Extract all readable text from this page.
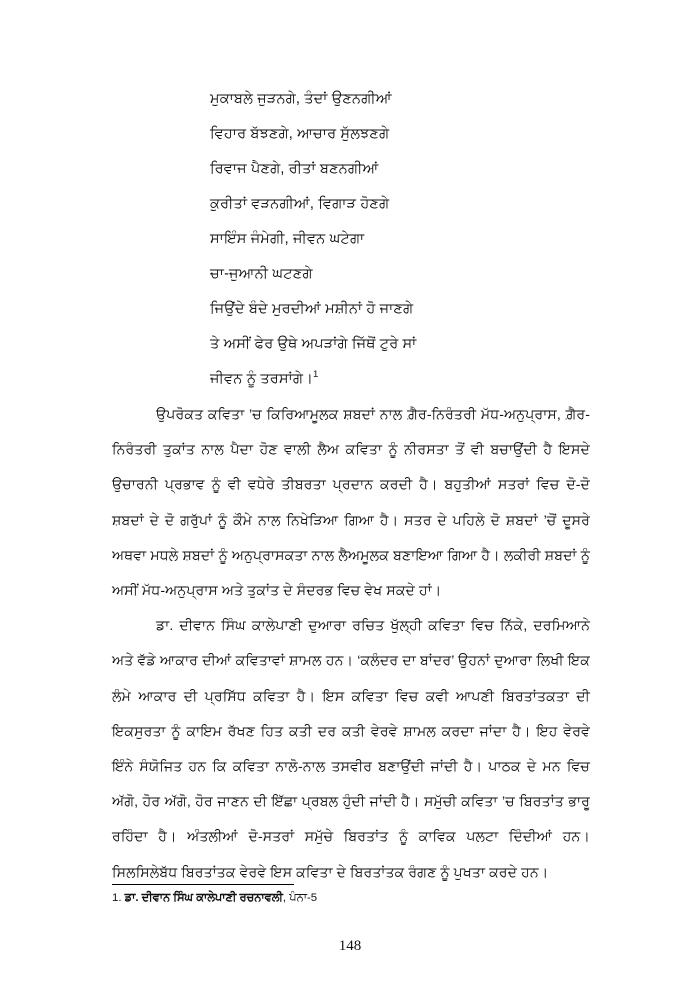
ਮੁਕਾਬਲੇ ਜੁੜਨਗੇ, ਤੰਦਾਂ ਉਣਨਗੀਆਂ
ਵਿਹਾਰ ਬੱਝਣਗੇ, ਆਚਾਰ ਸੁੱਲਝਣਗੇ
ਰਿਵਾਜ ਪੈਣਗੇ, ਰੀਤਾਂ ਬਣਨਗੀਆਂ
ਕੁਰੀਤਾਂ ਵੜਨਗੀਆਂ, ਵਿਗਾੜ ਹੋਣਗੇ
ਸਾਇੰਸ ਜੰਮੇਗੀ, ਜੀਵਨ ਘਟੇਗਾ
ਚਾ-ਜੁਆਨੀ ਘਟਣਗੇ
ਜਿਉਂਦੇ ਬੰਦੇ ਮੁਰਦੀਆਂ ਮਸ਼ੀਨਾਂ ਹੋ ਜਾਣਗੇ
ਤੇ ਅਸੀਂ ਫੇਰ ਉਥੇ ਅਪੜਾਂਗੇ ਜਿੱਥੋਂ ਟੁਰੇ ਸਾਂ
ਜੀਵਨ ਨੂੰ ਤਰਸਾਂਗੇ।$^1$

ਉਪਰੋਕਤ ਕਵਿਤਾ ’ਚ ਕਿਰਿਆਮੂਲਕ ਸ਼ਬਦਾਂ ਨਾਲ ਗ਼ੈਰ-ਨਿਰੰਤਰੀ ਮੱਧ-ਅਨੁਪ੍ਰਾਸ, ਗ਼ੈਰ-ਨਿਰੰਤਰੀ ਤੁਕਾਂਤ ਨਾਲ ਪੈਦਾ ਹੋਣ ਵਾਲੀ ਲੈਅ ਕਵਿਤਾ ਨੂੰ ਨੀਰਸਤਾ ਤੋਂ ਵੀ ਬਚਾਉਂਦੀ ਹੈ ਇਸਦੇ ਉਚਾਰਨੀ ਪ੍ਰਭਾਵ ਨੂੰ ਵੀ ਵਧੇਰੇ ਤੀਬਰਤਾ ਪ੍ਰਦਾਨ ਕਰਦੀ ਹੈ। ਬਹੁਤੀਆਂ ਸਤਰਾਂ ਵਿਚ ਦੋ-ਦੋ ਸ਼ਬਦਾਂ ਦੇ ਦੋ ਗਰੁੱਪਾਂ ਨੂੰ ਕੌਮੇ ਨਾਲ ਨਿਖੇੜਿਆ ਗਿਆ ਹੈ। ਸਤਰ ਦੇ ਪਹਿਲੇ ਦੋ ਸ਼ਬਦਾਂ ’ਚੋਂ ਦੂਸਰੇ ਅਥਵਾ ਮਧਲੇ ਸ਼ਬਦਾਂ ਨੂੰ ਅਨੁਪ੍ਰਾਸਕਤਾ ਨਾਲ ਲੈਅਮੂਲਕ ਬਣਾਇਆ ਗਿਆ ਹੈ। ਲਕੀਰੀ ਸ਼ਬਦਾਂ ਨੂੰ ਅਸੀਂ ਮੱਧ-ਅਨੁਪ੍ਰਾਸ ਅਤੇ ਤੁਕਾਂਤ ਦੇ ਸੰਦਰਭ ਵਿਚ ਵੇਖ ਸਕਦੇ ਹਾਂ।

ਡਾ. ਦੀਵਾਨ ਸਿੰਘ ਕਾਲੇਪਾਣੀ ਦੁਆਰਾ ਰਚਿਤ ਖੁੱਲ੍ਹੀ ਕਵਿਤਾ ਵਿਚ ਨਿੱਕੇ, ਦਰਮਿਆਨੇ ਅਤੇ ਵੱਡੇ ਆਕਾਰ ਦੀਆਂ ਕਵਿਤਾਵਾਂ ਸ਼ਾਮਲ ਹਨ। ‘ਕਲੰਦਰ ਦਾ ਬਾਂਦਰ’ ਉਹਨਾਂ ਦੁਆਰਾ ਲਿਖੀ ਇਕ ਲੰਮੇ ਆਕਾਰ ਦੀ ਪ੍ਰਸਿੱਧ ਕਵਿਤਾ ਹੈ। ਇਸ ਕਵਿਤਾ ਵਿਚ ਕਵੀ ਆਪਣੀ ਬਿਰਤਾਂਤਕਤਾ ਦੀ ਇਕਸੁਰਤਾ ਨੂੰ ਕਾਇਮ ਰੱਖਣ ਹਿਤ ਕਤੀ ਦਰ ਕਤੀ ਵੇਰਵੇ ਸ਼ਾਮਲ ਕਰਦਾ ਜਾਂਦਾ ਹੈ। ਇਹ ਵੇਰਵੇ ਇੰਨੇ ਸੰਯੋਜਿਤ ਹਨ ਕਿ ਕਵਿਤਾ ਨਾਲੋ-ਨਾਲ ਤਸਵੀਰ ਬਣਾਉਂਦੀ ਜਾਂਦੀ ਹੈ। ਪਾਠਕ ਦੇ ਮਨ ਵਿਚ ਅੱਗੋ, ਹੋਰ ਅੱਗੋ, ਹੋਰ ਜਾਣਨ ਦੀ ਇੱਛਾ ਪ੍ਰਬਲ ਹੁੰਦੀ ਜਾਂਦੀ ਹੈ। ਸਮੁੱਚੀ ਕਵਿਤਾ ’ਚ ਬਿਰਤਾਂਤ ਭਾਰੂ ਰਹਿੰਦਾ ਹੈ। ਅੰਤਲੀਆਂ ਦੋ-ਸਤਰਾਂ ਸਮੁੱਚੇ ਬਿਰਤਾਂਤ ਨੂੰ ਕਾਵਿਕ ਪਲਟਾ ਦਿੰਦੀਆਂ ਹਨ। ਸਿਲਸਿਲੇਬੱਧ ਬਿਰਤਾਂਤਕ ਵੇਰਵੇ ਇਸ ਕਵਿਤਾ ਦੇ ਬਿਰਤਾਂਤਕ ਰੰਗਣ ਨੂੰ ਪੁਖਤਾ ਕਰਦੇ ਹਨ।

1. ਡਾ. ਦੀਵਾਨ ਸਿੰਘ ਕਾਲੇਪਾਣੀ ਰਚਨਾਵਲੀ, ਪੰਨਾ-5
148
